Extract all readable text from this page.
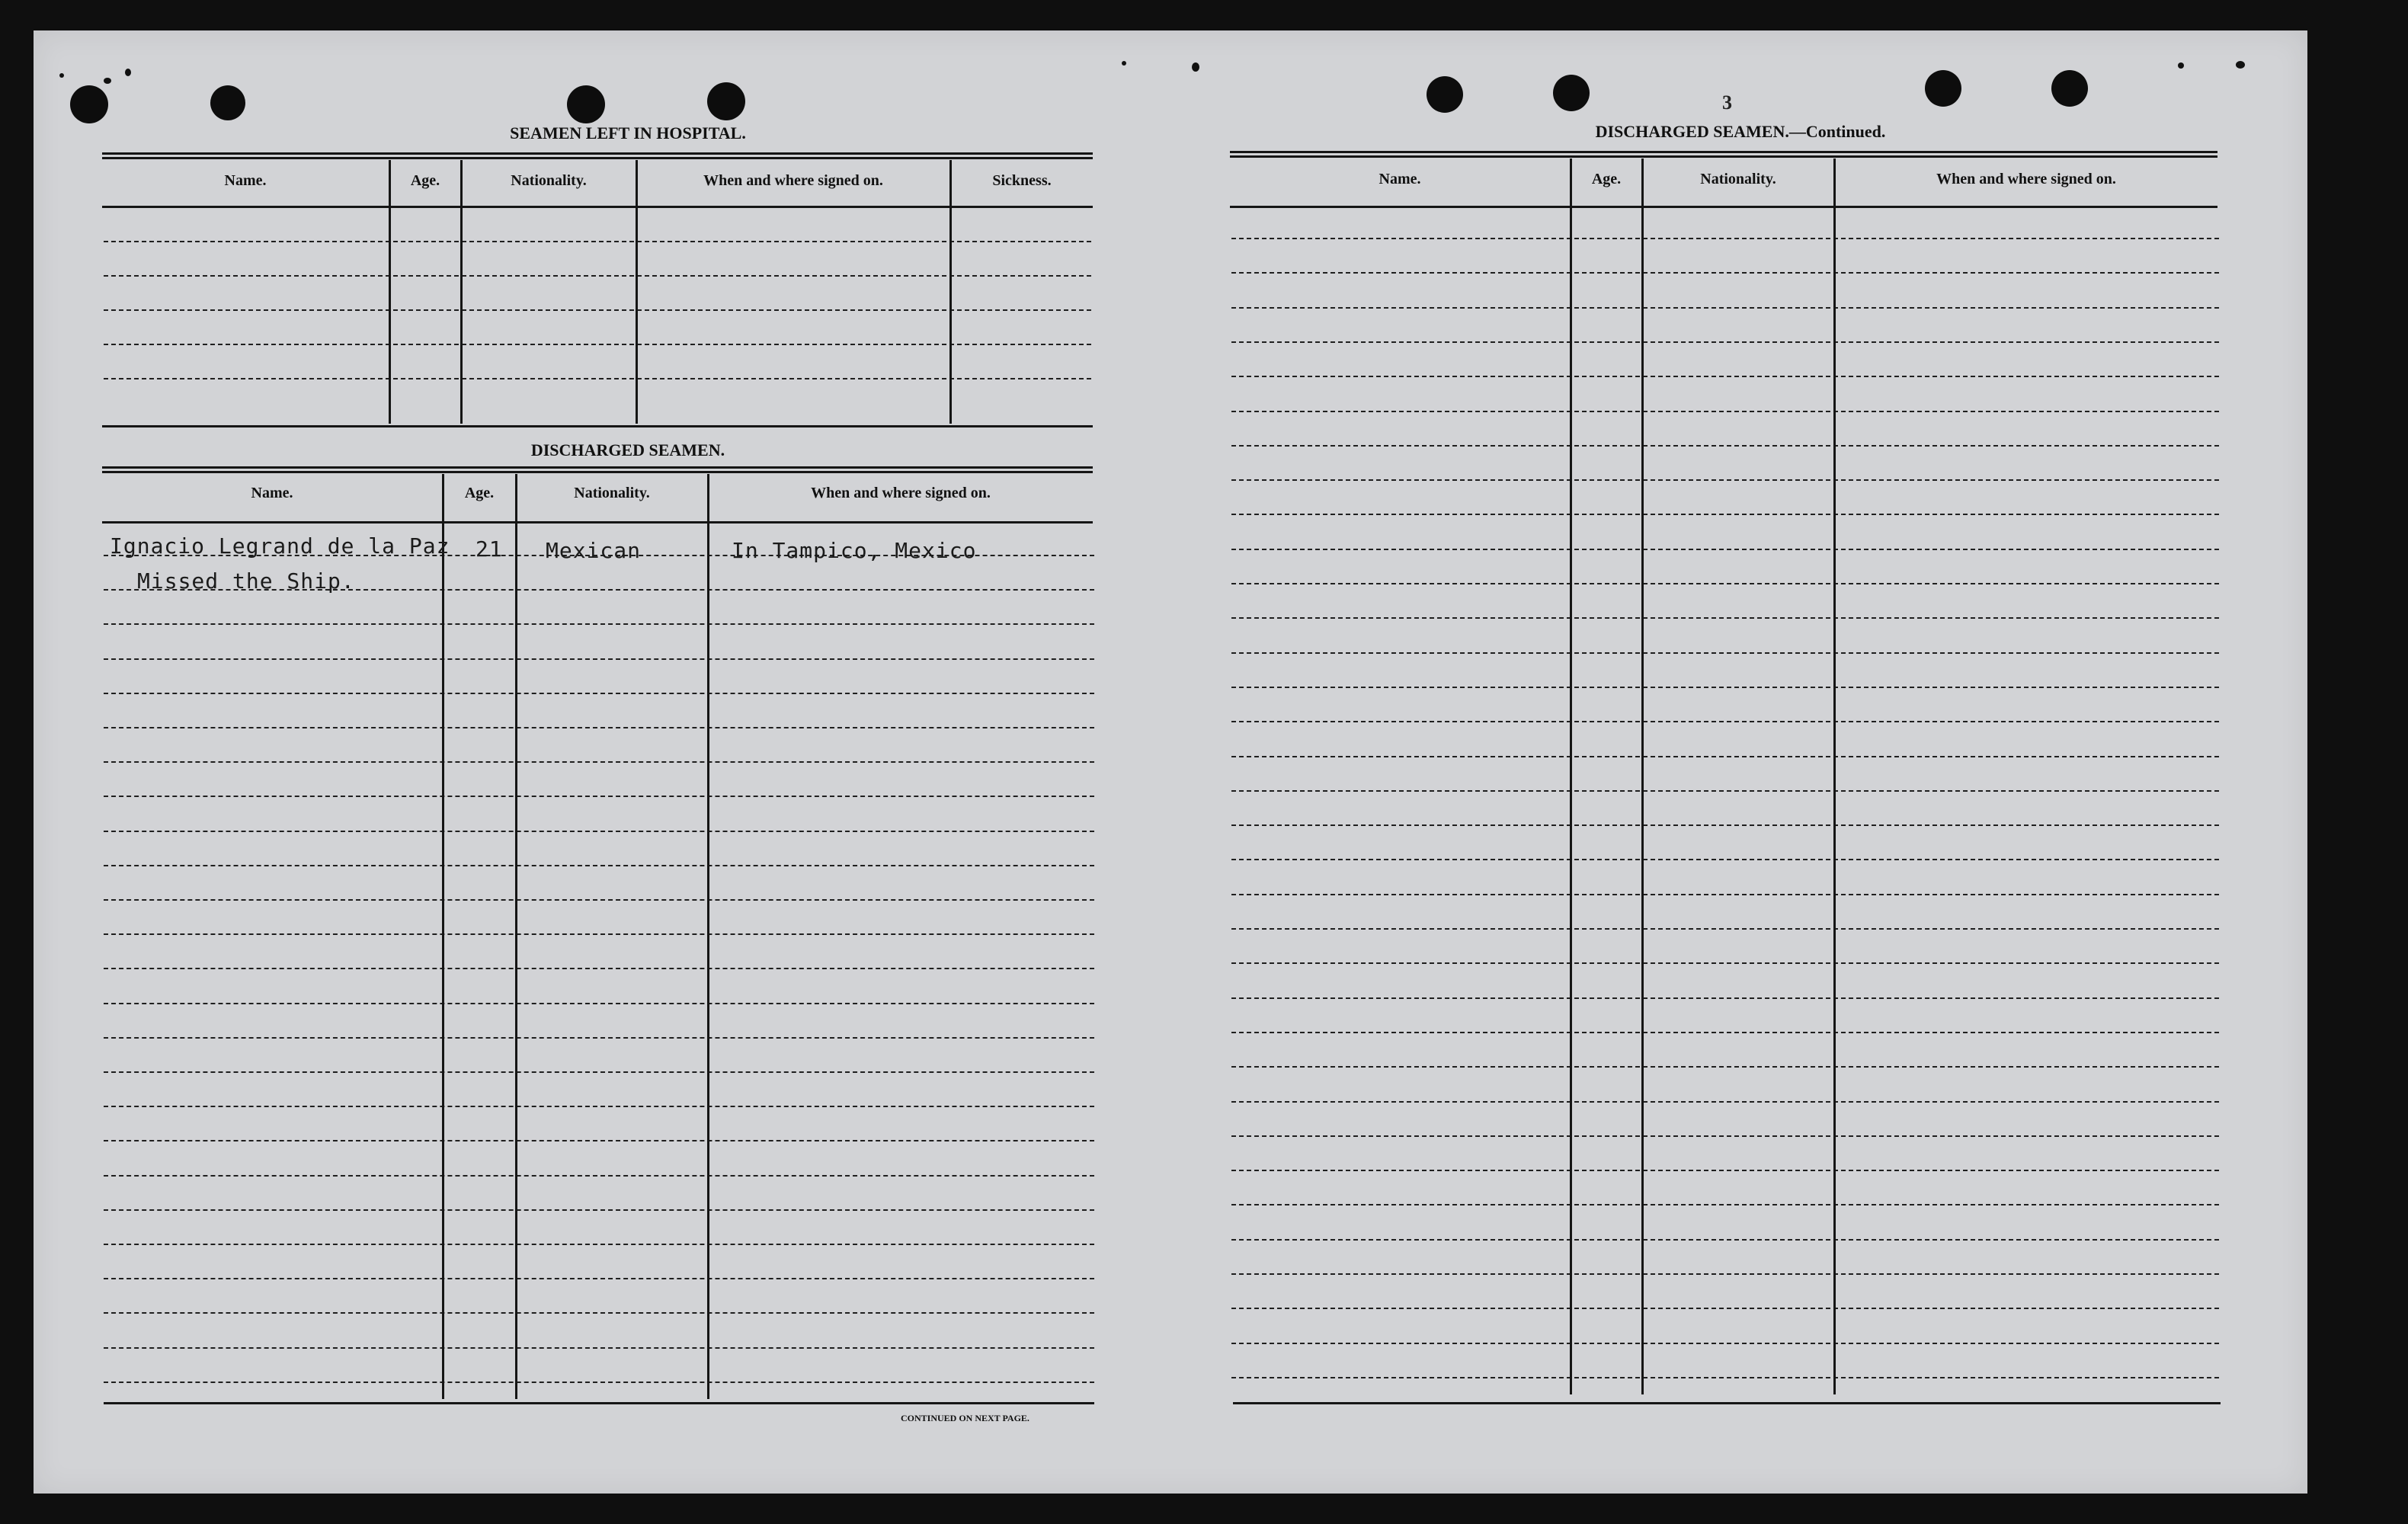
SEAMEN LEFT IN HOSPITAL.
Name.	Age.	Nationality.	When and where signed on.	Sickness.
DISCHARGED SEAMEN.
Name.	Age.	Nationality.	When and where signed on.
Ignacio Legrand de la Paz 21 Mexican	In Tampico, Mexico
Missed the Ship.
CONTINUED ON NEXT PAGE.
3
DISCHARGED SEAMEN.—Continued.
Name.	Age.	Nationality.	When and where signed on.
